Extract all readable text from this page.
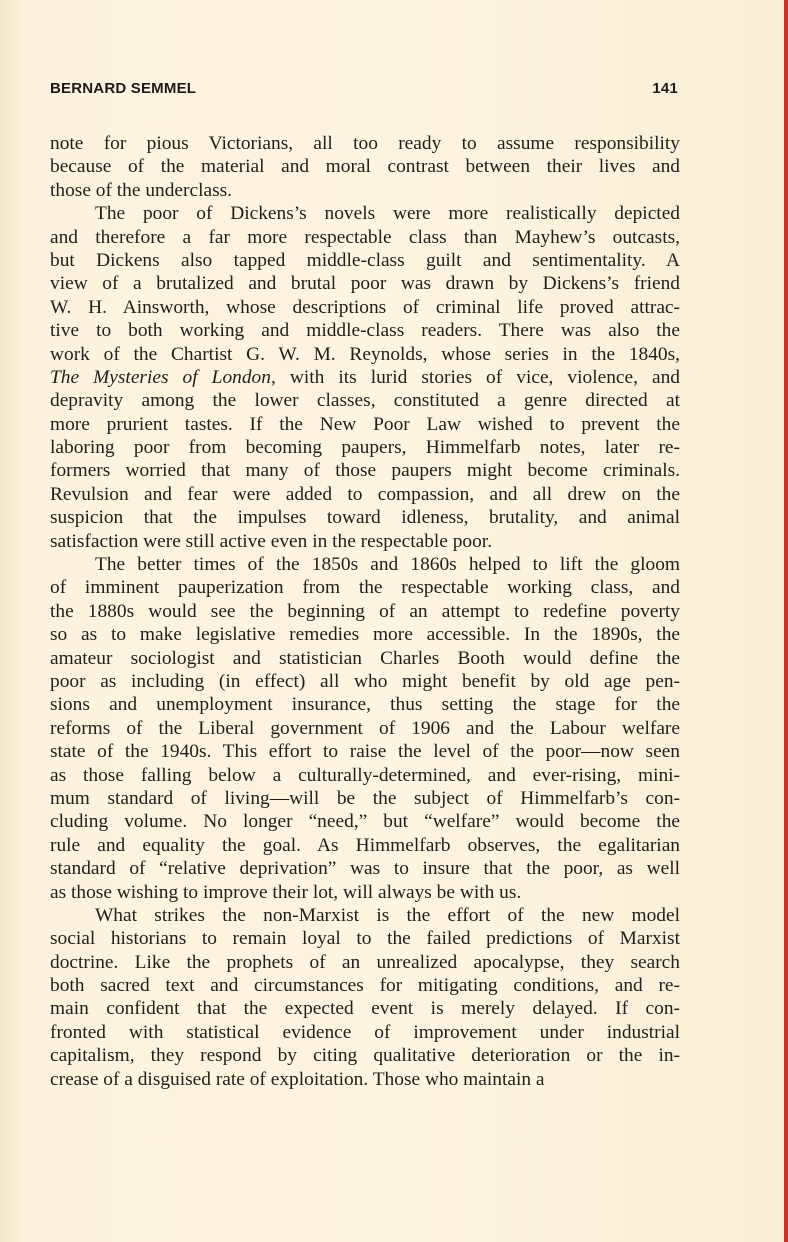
BERNARD SEMMEL	141
note for pious Victorians, all too ready to assume responsibility
because of the material and moral contrast between their lives and
those of the underclass.
The poor of Dickens’s novels were more realistically depicted
and therefore a far more respectable class than Mayhew’s outcasts,
but Dickens also tapped middle-class guilt and sentimentality. A
view of a brutalized and brutal poor was drawn by Dickens’s friend
W. H. Ainsworth, whose descriptions of criminal life proved attrac-
tive to both working and middle-class readers. There was also the
work of the Chartist G. W. M. Reynolds, whose series in the 1840s,
The Mysteries of London, with its lurid stories of vice, violence, and
depravity among the lower classes, constituted a genre directed at
more prurient tastes. If the New Poor Law wished to prevent the
laboring poor from becoming paupers, Himmelfarb notes, later re-
formers worried that many of those paupers might become criminals.
Revulsion and fear were added to compassion, and all drew on the
suspicion that the impulses toward idleness, brutality, and animal
satisfaction were still active even in the respectable poor.
The better times of the 1850s and 1860s helped to lift the gloom
of imminent pauperization from the respectable working class, and
the 1880s would see the beginning of an attempt to redefine poverty
so as to make legislative remedies more accessible. In the 1890s, the
amateur sociologist and statistician Charles Booth would define the
poor as including (in effect) all who might benefit by old age pen-
sions and unemployment insurance, thus setting the stage for the
reforms of the Liberal government of 1906 and the Labour welfare
state of the 1940s. This effort to raise the level of the poor—now seen
as those falling below a culturally-determined, and ever-rising, mini-
mum standard of living—will be the subject of Himmelfarb’s con-
cluding volume. No longer “need,” but “welfare” would become the
rule and equality the goal. As Himmelfarb observes, the egalitarian
standard of “relative deprivation” was to insure that the poor, as well
as those wishing to improve their lot, will always be with us.
What strikes the non-Marxist is the effort of the new model
social historians to remain loyal to the failed predictions of Marxist
doctrine. Like the prophets of an unrealized apocalypse, they search
both sacred text and circumstances for mitigating conditions, and re-
main confident that the expected event is merely delayed. If con-
fronted with statistical evidence of improvement under industrial
capitalism, they respond by citing qualitative deterioration or the in-
crease of a disguised rate of exploitation. Those who maintain a
